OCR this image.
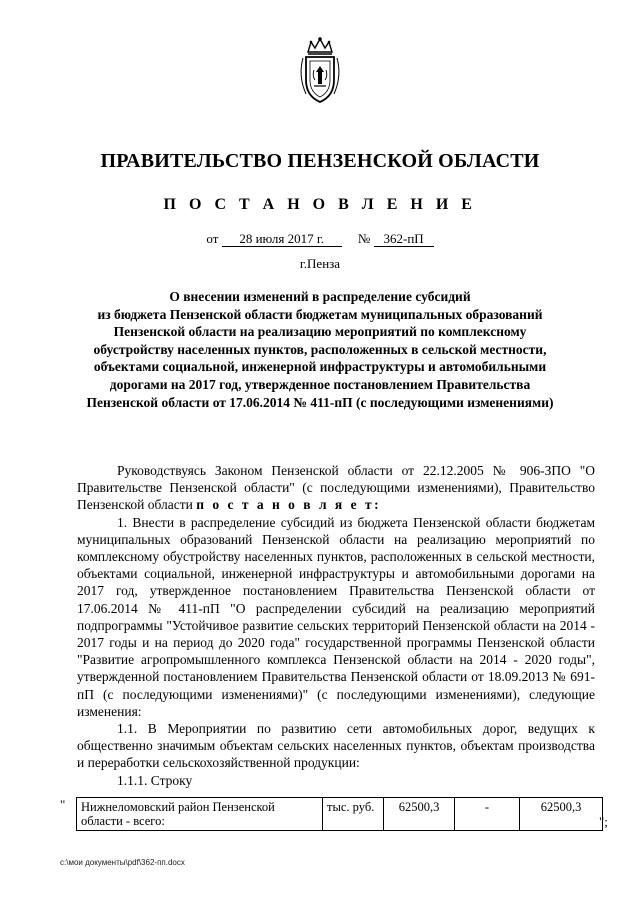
ПРАВИТЕЛЬСТВО ПЕНЗЕНСКОЙ ОБЛАСТИ
П О С Т А Н О В Л Е Н И Е
от 28 июля 2017 г.	№ 362-пП
г.Пенза
О внесении изменений в распределение субсидий
из бюджета Пензенской области бюджетам муниципальных образований
Пензенской области на реализацию мероприятий по комплексному
обустройству населенных пунктов, расположенных в сельской местности,
объектами социальной, инженерной инфраструктуры и автомобильными
дорогами на 2017 год, утвержденное постановлением Правительства
Пензенской области от 17.06.2014 № 411-пП (с последующими изменениями)

Руководствуясь Законом Пензенской области от 22.12.2005 № 906-ЗПО "О Правительстве Пензенской области" (с последующими изменениями), Правительство Пензенской области п о с т а н о в л я е т:

1. Внести в распределение субсидий из бюджета Пензенской области бюджетам муниципальных образований Пензенской области на реализацию мероприятий по комплексному обустройству населенных пунктов, расположенных в сельской местности, объектами социальной, инженерной инфраструктуры и автомобильными дорогами на 2017 год, утвержденное постановлением Правительства Пензенской области от 17.06.2014 № 411-пП "О распределении субсидий на реализацию мероприятий подпрограммы "Устойчивое развитие сельских территорий Пензенской области на 2014 - 2017 годы и на период до 2020 года" государственной программы Пензенской области "Развитие агропромышленного комплекса Пензенской области на 2014 - 2020 годы", утвержденной постановлением Правительства Пензенской области от 18.09.2013 № 691-пП (с последующими изменениями)" (с последующими изменениями), следующие изменения:

1.1. В Мероприятии по развитию сети автомобильных дорог, ведущих к общественно значимым объектам сельских населенных пунктов, объектам производства и переработки сельскохозяйственной продукции:

1.1.1. Строку

" Нижнеломовский район Пензенской области - всего:	тыс. руб.	62500,3	-	62500,3
";
c:\мои документы\pdf\362-пп.docx
